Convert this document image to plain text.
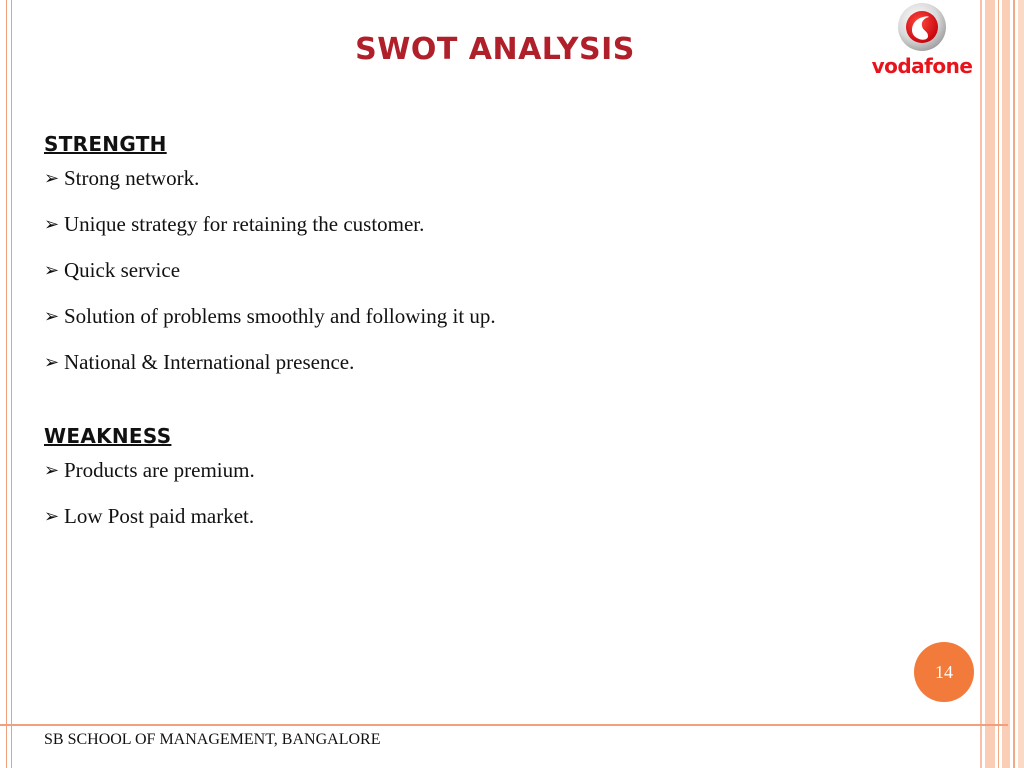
SWOT ANALYSIS	vodafone
STRENGTH
➢ Strong network.
➢ Unique strategy for retaining the customer.
➢ Quick service
➢ Solution of problems smoothly and following it up.
➢ National & International presence.
WEAKNESS
➢ Products are premium.
➢ Low Post paid market.
14
SB SCHOOL OF MANAGEMENT, BANGALORE
